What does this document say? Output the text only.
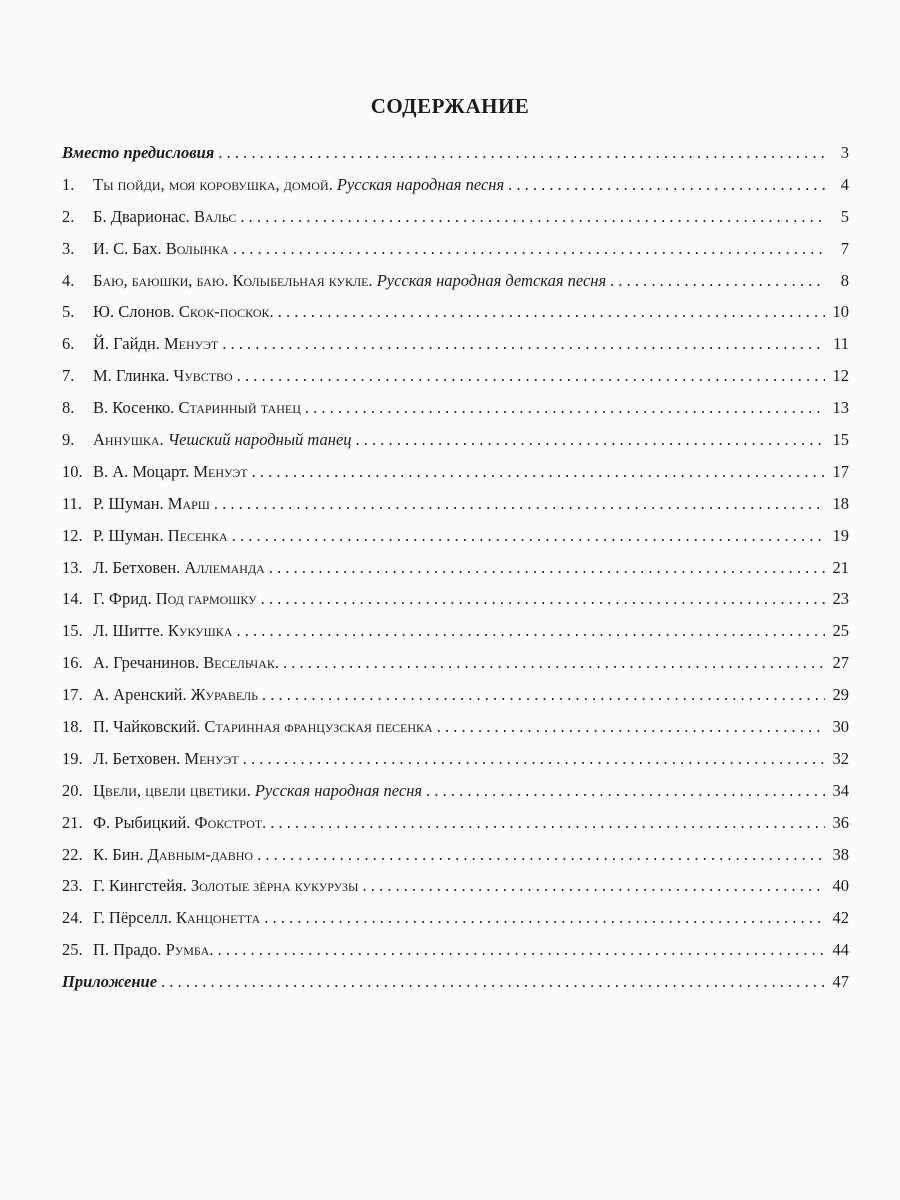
СОДЕРЖАНИЕ
Вместо предисловия . . .	3
1.	Ты пойди, моя коровушка, домой. Русская народная песня . . .	4
2.	Б. Дварионас. Вальс . . .	5
3.	И. С. Бах. Волынка . . .	7
4.	Баю, баюшки, баю. Колыбельная кукле. Русская народная детская песня . . .	8
5.	Ю. Слонов. Скок-поскок. . . .	10
6.	Й. Гайдн. Менуэт . . .	11
7.	М. Глинка. Чувство . . .	12
8.	В. Косенко. Старинный танец . . .	13
9.	Аннушка. Чешский народный танец . . .	15
10. В. А. Моцарт. Менуэт . . .	17
11. Р. Шуман. Марш . . .	18
12. Р. Шуман. Песенка . . .	19
13. Л. Бетховен. Аллеманда . . .	21
14. Г. Фрид. Под гармошку . . .	23
15. Л. Шитте. Кукушка . . .	25
16. А. Гречанинов. Весельчак. . . .	27
17. А. Аренский. Журавель . . .	29
18. П. Чайковский. Старинная французская песенка . . .	30
19. Л. Бетховен. Менуэт . . .	32
20. Цвели, цвели цветики. Русская народная песня . . .	34
21. Ф. Рыбицкий. Фокстрот. . . .	36
22. К. Бин. Давным-давно . . .	38
23. Г. Кингстейя. Золотые зёрна кукурузы . . .	40
24. Г. Пёрселл. Канцонетта . . .	42
25. П. Прадо. Румба. . . .	44
Приложение . . .	47
